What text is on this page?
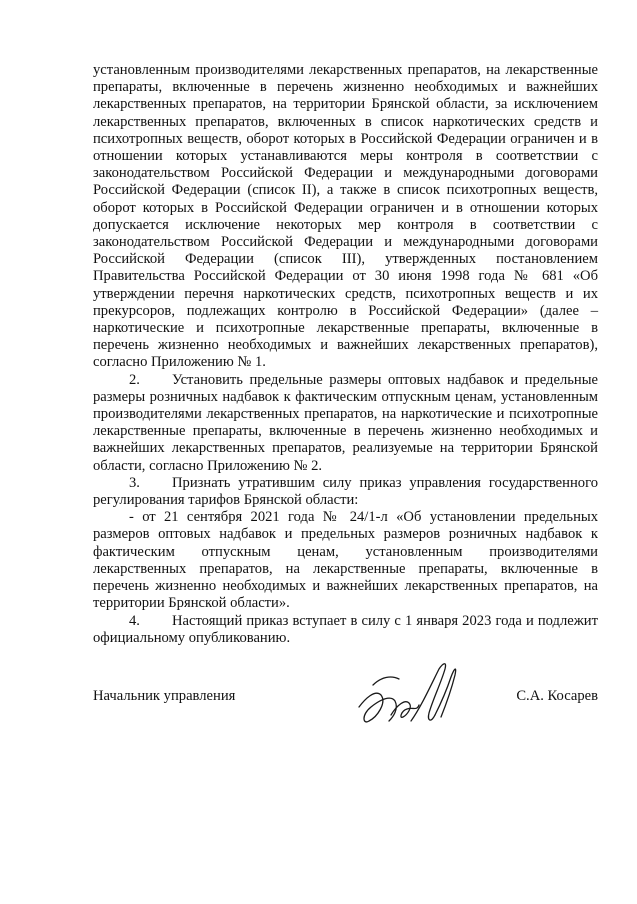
установленным производителями лекарственных препаратов, на лекарственные препараты, включенные в перечень жизненно необходимых и важнейших лекарственных препаратов, на территории Брянской области, за исключением лекарственных препаратов, включенных в список наркотических средств и психотропных веществ, оборот которых в Российской Федерации ограничен и в отношении которых устанавливаются меры контроля в соответствии с законодательством Российской Федерации и международными договорами Российской Федерации (список II), а также в список психотропных веществ, оборот которых в Российской Федерации ограничен и в отношении которых допускается исключение некоторых мер контроля в соответствии с законодательством Российской Федерации и международными договорами Российской Федерации (список III), утвержденных постановлением Правительства Российской Федерации от 30 июня 1998 года № 681 «Об утверждении перечня наркотических средств, психотропных веществ и их прекурсоров, подлежащих контролю в Российской Федерации» (далее – наркотические и психотропные лекарственные препараты, включенные в перечень жизненно необходимых и важнейших лекарственных препаратов), согласно Приложению № 1.

2. Установить предельные размеры оптовых надбавок и предельные размеры розничных надбавок к фактическим отпускным ценам, установленным производителями лекарственных препаратов, на наркотические и психотропные лекарственные препараты, включенные в перечень жизненно необходимых и важнейших лекарственных препаратов, реализуемые на территории Брянской области, согласно Приложению № 2.

3. Признать утратившим силу приказ управления государственного регулирования тарифов Брянской области:

- от 21 сентября 2021 года № 24/1-л «Об установлении предельных размеров оптовых надбавок и предельных размеров розничных надбавок к фактическим отпускным ценам, установленным производителями лекарственных препаратов, на лекарственные препараты, включенные в перечень жизненно необходимых и важнейших лекарственных препаратов, на территории Брянской области».

4. Настоящий приказ вступает в силу с 1 января 2023 года и подлежит официальному опубликованию.

Начальник управления	С.А. Косарев
